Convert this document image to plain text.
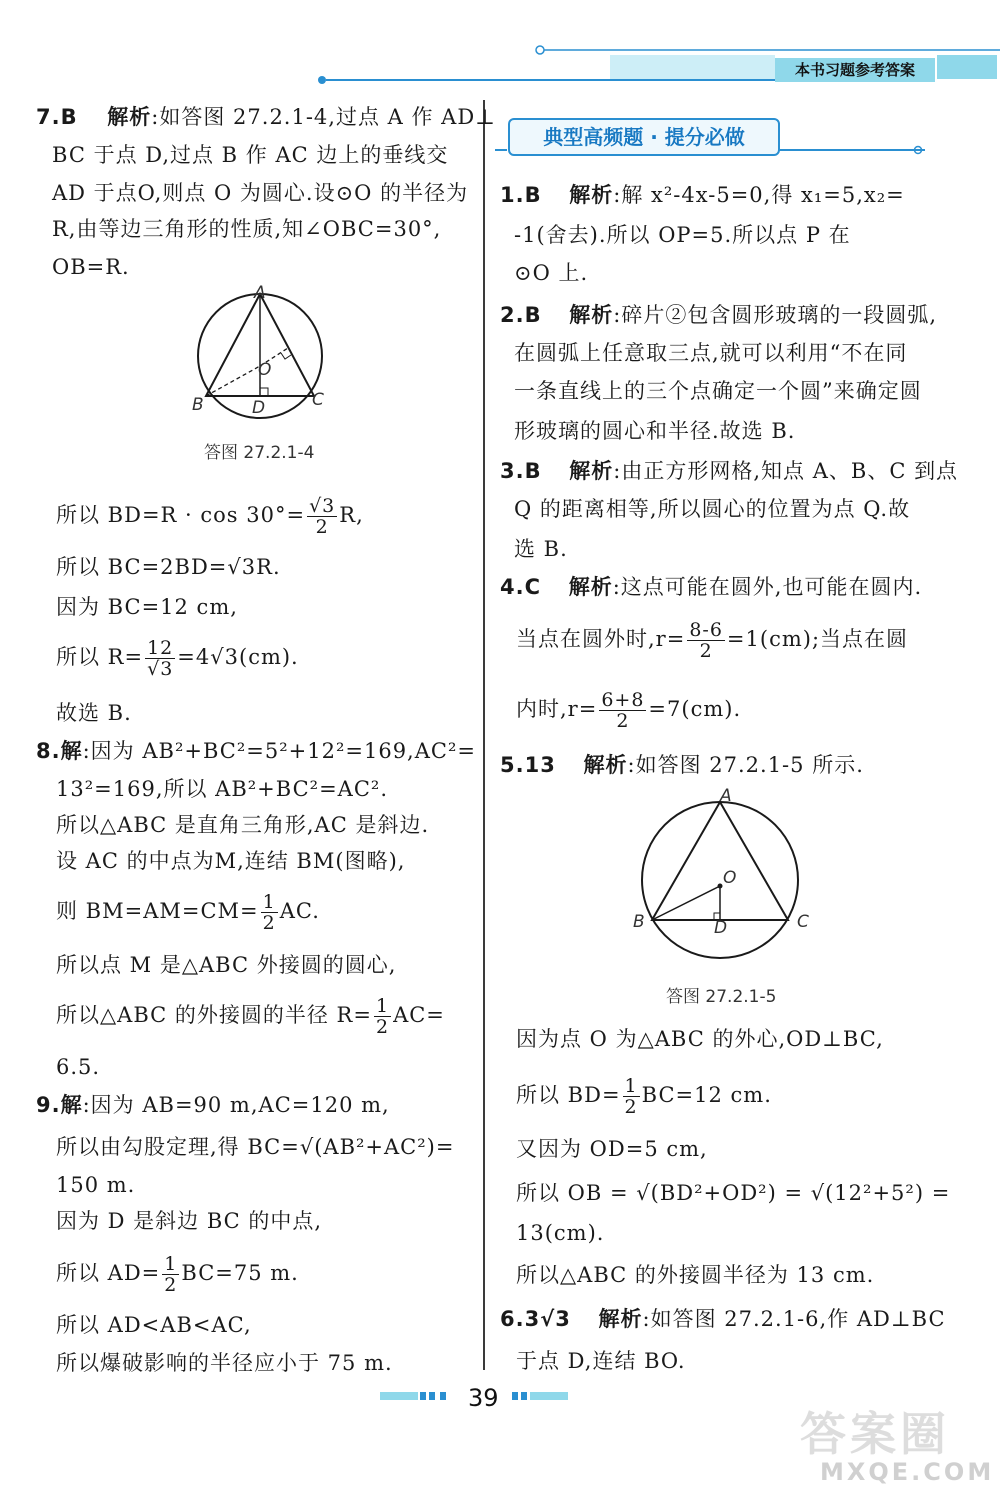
本书习题参考答案
7.B 解析:如答图 27.2.1-4,过点 A 作 AD⊥
BC 于点 D,过点 B 作 AC 边上的垂线交
AD 于点O,则点 O 为圆心.设⊙O 的半径为
R,由等边三角形的性质,知∠OBC=30°,
OB=R.
A
B	C
D
O
答图 27.2.1-4
所以 $BD=R \cdot \cos 30^\circ= \frac{√3}{2} R$,
所以 BC=2BD=√3R.
因为 BC=12 cm,
所以 $R= \frac{12}{√3} =4√3(cm)$.
故选 B.
8.解:因为 AB²+BC²=5²+12²=169,AC²=
13²=169,所以 AB²+BC²=AC².
所以△ABC 是直角三角形,AC 是斜边.
设 AC 的中点为M,连结 BM(图略),
则 $BM=AM=CM= \frac{1}{2}$ AC.
所以点 M 是△ABC 外接圆的圆心,
所以△ABC 的外接圆的半径 $R= \frac{1}{2} AC=$
6.5.
9.解:因为 AB=90 m,AC=120 m,
所以由勾股定理,得 BC=√(AB²+AC²)=
150 m.
因为 D 是斜边 BC 的中点,
所以 $AD= \frac{1}{2} BC=75$ m.
所以 AD<AB<AC,
所以爆破影响的半径应小于 75 m.
典型高频题 · 提分必做
1.B 解析:解 x²-4x-5=0,得 x₁=5,x₂=
-1(舍去).所以 OP=5.所以点 P 在
⊙O 上.
2.B 解析:碎片②包含圆形玻璃的一段圆弧,
在圆弧上任意取三点,就可以利用“不在同
一条直线上的三个点确定一个圆”来确定圆
形玻璃的圆心和半径.故选 B.
3.B 解析:由正方形网格,知点 A、B、C 到点
Q 的距离相等,所以圆心的位置为点 Q.故
选 B.
4.C 解析:这点可能在圆外,也可能在圆内.
当点在圆外时$,r= \frac{8-6}{2} =1(cm)$;当点在圆
内时$,r= \frac{6+8}{2} =7(cm)$.
5.13 解析:如答图 27.2.1-5 所示.
A
B	C
D
O
答图 27.2.1-5
因为点 O 为△ABC 的外心,OD⊥BC,
所以 $BD= \frac{1}{2} BC=12$ cm.
又因为 OD=5 cm,
所以 OB = √(BD²+OD²) = √(12²+5²) =
13(cm).
所以△ABC 的外接圆半径为 13 cm.
6.3√3 解析:如答图 27.2.1-6,作 AD⊥BC
于点 D,连结 BO.
39
答案圈
MXQE.COM
